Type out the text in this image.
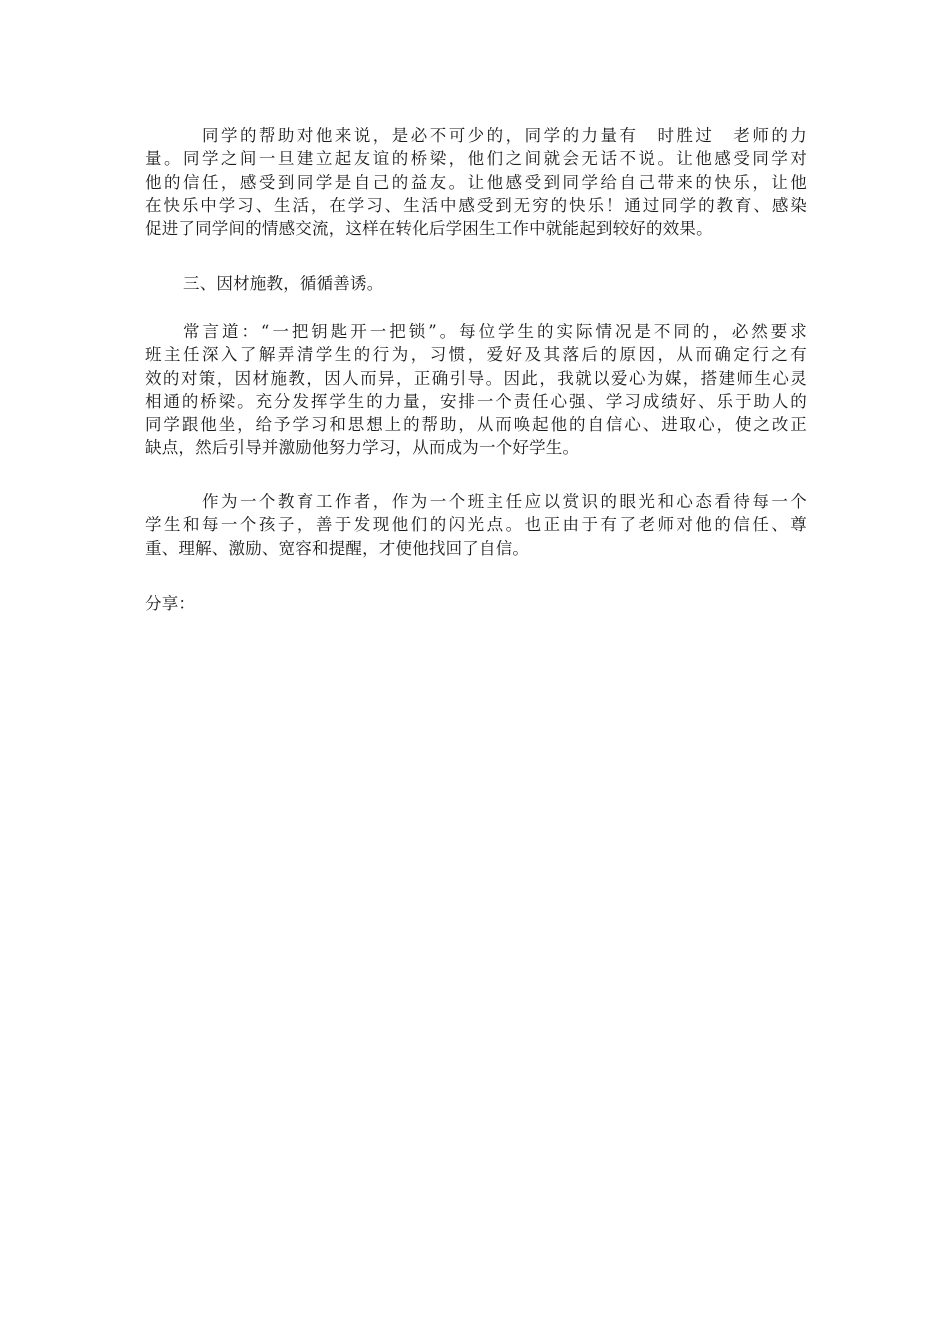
同学的帮助对他来说，是必不可少的，同学的力量有　时胜过　老师的力
量。同学之间一旦建立起友谊的桥梁，他们之间就会无话不说。让他感受同学对
他的信任，感受到同学是自己的益友。让他感受到同学给自己带来的快乐，让他
在快乐中学习、生活，在学习、生活中感受到无穷的快乐！通过同学的教育、感染
促进了同学间的情感交流，这样在转化后学困生工作中就能起到较好的效果。
三、因材施教，循循善诱。
常言道：“一把钥匙开一把锁”。每位学生的实际情况是不同的，必然要求
班主任深入了解弄清学生的行为，习惯，爱好及其落后的原因，从而确定行之有
效的对策，因材施教，因人而异，正确引导。因此，我就以爱心为媒，搭建师生心灵
相通的桥梁。充分发挥学生的力量，安排一个责任心强、学习成绩好、乐于助人的
同学跟他坐，给予学习和思想上的帮助，从而唤起他的自信心、进取心，使之改正
缺点，然后引导并激励他努力学习，从而成为一个好学生。
作为一个教育工作者，作为一个班主任应以赏识的眼光和心态看待每一个
学生和每一个孩子，善于发现他们的闪光点。也正由于有了老师对他的信任、尊
重、理解、激励、宽容和提醒，才使他找回了自信。
分享：
